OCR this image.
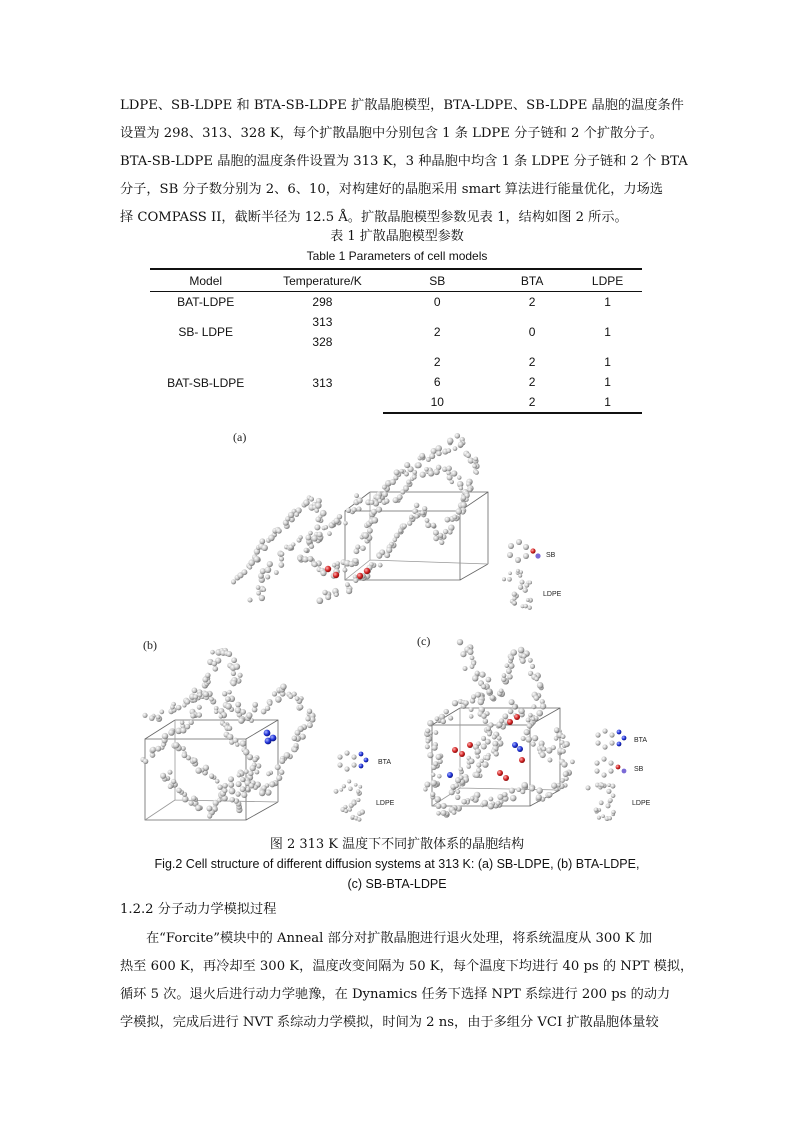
LDPE、SB-LDPE 和 BTA-SB-LDPE 扩散晶胞模型，BTA-LDPE、SB-LDPE 晶胞的温度条件

设置为 298、313、328 K，每个扩散晶胞中分别包含 1 条 LDPE 分子链和 2 个扩散分子。

BTA-SB-LDPE 晶胞的温度条件设置为 313 K，3 种晶胞中均含 1 条 LDPE 分子链和 2 个 BTA

分子，SB 分子数分别为 2、6、10，对构建好的晶胞采用 smart 算法进行能量优化，力场选

择 COMPASS II，截断半径为 12.5 Å。扩散晶胞模型参数见表 1，结构如图 2 所示。

表 1 扩散晶胞模型参数
Table 1 Parameters of cell models
Model	Temperature/K	SB	BTA	LDPE
BAT-LDPE	298	0	2	1
SB- LDPE	313	2	0	1
	328			
BAT-SB-LDPE	313	2	2	1
		6	2	1
		10	2	1
(a)
SB
LDPE
(b)
BTA
LDPE
(c)
BTA
SB
LDPE
图 2 313 K 温度下不同扩散体系的晶胞结构
Fig.2 Cell structure of different diffusion systems at 313 K: (a) SB-LDPE, (b) BTA-LDPE,
(c) SB-BTA-LDPE
1.2.2 分子动力学模拟过程

在“Forcite”模块中的 Anneal 部分对扩散晶胞进行退火处理，将系统温度从 300 K 加

热至 600 K，再冷却至 300 K，温度改变间隔为 50 K，每个温度下均进行 40 ps 的 NPT 模拟，

循环 5 次。退火后进行动力学驰豫，在 Dynamics 任务下选择 NPT 系综进行 200 ps 的动力

学模拟，完成后进行 NVT 系综动力学模拟，时间为 2 ns，由于多组分 VCI 扩散晶胞体量较
